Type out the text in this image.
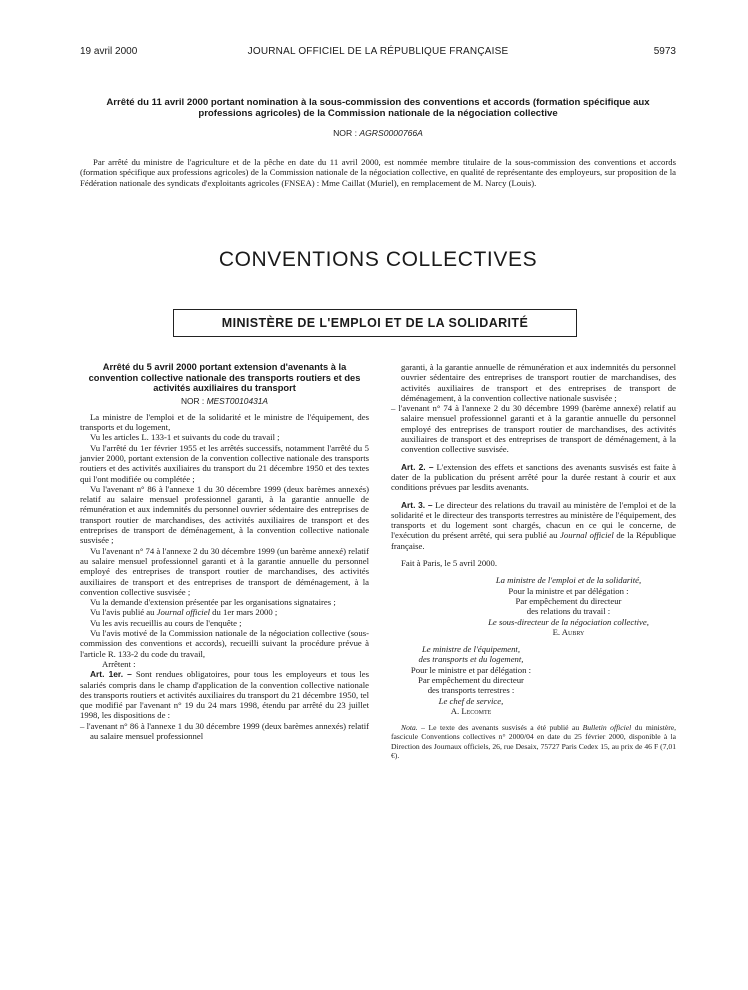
19 avril 2000	JOURNAL OFFICIEL DE LA RÉPUBLIQUE FRANÇAISE	5973
Arrêté du 11 avril 2000 portant nomination à la sous-commission des conventions et accords (formation spécifique aux professions agricoles) de la Commission nationale de la négociation collective
NOR : AGRS0000766A

Par arrêté du ministre de l'agriculture et de la pêche en date du 11 avril 2000, est nommée membre titulaire de la sous-commission des conventions et accords (formation spécifique aux professions agricoles) de la Commission nationale de la négociation collective, en qualité de représentante des employeurs, sur proposition de la Fédération nationale des syndicats d'exploitants agricoles (FNSEA) : Mme Caillat (Muriel), en remplacement de M. Narcy (Louis).

CONVENTIONS COLLECTIVES
MINISTÈRE DE L'EMPLOI ET DE LA SOLIDARITÉ

Arrêté du 5 avril 2000 portant extension d'avenants à la convention collective nationale des transports routiers et des activités auxiliaires du transport

NOR : MEST0010431A

La ministre de l'emploi et de la solidarité et le ministre de l'équipement, des transports et du logement,

Vu les articles L. 133-1 et suivants du code du travail ;

Vu l'arrêté du 1er février 1955 et les arrêtés successifs, notamment l'arrêté du 5 janvier 2000, portant extension de la convention collective nationale des transports routiers et des activités auxiliaires du transport du 21 décembre 1950 et des textes qui l'ont modifiée ou complétée ;

Vu l'avenant n° 86 à l'annexe 1 du 30 décembre 1999 (deux barèmes annexés) relatif au salaire mensuel professionnel garanti, à la garantie annuelle de rémunération et aux indemnités du personnel ouvrier sédentaire des entreprises de transport routier de marchandises, des activités auxiliaires de transport et des entreprises de transport de déménagement, à la convention collective nationale susvisée ;

Vu l'avenant n° 74 à l'annexe 2 du 30 décembre 1999 (un barème annexé) relatif au salaire mensuel professionnel garanti et à la garantie annuelle du personnel employé des entreprises de transport routier de marchandises, des activités auxiliaires de transport et des entreprises de transport de déménagement, à la convention collective susvisée ;

Vu la demande d'extension présentée par les organisations signataires ;

Vu l'avis publié au Journal officiel du 1er mars 2000 ;

Vu les avis recueillis au cours de l'enquête ;

Vu l'avis motivé de la Commission nationale de la négociation collective (sous-commission des conventions et accords), recueilli suivant la procédure prévue à l'article R. 133-2 du code du travail,

Arrêtent :

Art. 1er. – Sont rendues obligatoires, pour tous les employeurs et tous les salariés compris dans le champ d'application de la convention collective nationale des transports routiers et activités auxiliaires du transport du 21 décembre 1950, tel que modifié par l'avenant n° 19 du 24 mars 1998, étendu par arrêté du 23 juillet 1998, les dispositions de :

– l'avenant n° 86 à l'annexe 1 du 30 décembre 1999 (deux barèmes annexés) relatif au salaire mensuel professionnel

garanti, à la garantie annuelle de rémunération et aux indemnités du personnel ouvrier sédentaire des entreprises de transport routier de marchandises, des activités auxiliaires de transport et des entreprises de transport de déménagement, à la convention collective nationale susvisée ;

– l'avenant n° 74 à l'annexe 2 du 30 décembre 1999 (barème annexé) relatif au salaire mensuel professionnel garanti et à la garantie annuelle du personnel employé des entreprises de transport routier de marchandises, des activités auxiliaires de transport et des entreprises de transport de déménagement, à la convention collective susvisée.

Art. 2. – L'extension des effets et sanctions des avenants susvisés est faite à dater de la publication du présent arrêté pour la durée restant à courir et aux conditions prévues par lesdits avenants.

Art. 3. – Le directeur des relations du travail au ministère de l'emploi et de la solidarité et le directeur des transports terrestres au ministère de l'équipement, des transports et du logement sont chargés, chacun en ce qui le concerne, de l'exécution du présent arrêté, qui sera publié au Journal officiel de la République française.

Fait à Paris, le 5 avril 2000.

La ministre de l'emploi et de la solidarité,

Pour la ministre et par délégation :

Par empêchement du directeur

des relations du travail :

Le sous-directeur de la négociation collective,

E. Aubry

Le ministre de l'équipement,

des transports et du logement,

Pour le ministre et par délégation :

Par empêchement du directeur

des transports terrestres :

Le chef de service,

A. Lecomte

Nota. – Le texte des avenants susvisés a été publié au Bulletin officiel du ministère, fascicule Conventions collectives n° 2000/04 en date du 25 février 2000, disponible à la Direction des Journaux officiels, 26, rue Desaix, 75727 Paris Cedex 15, au prix de 46 F (7,01 €).
